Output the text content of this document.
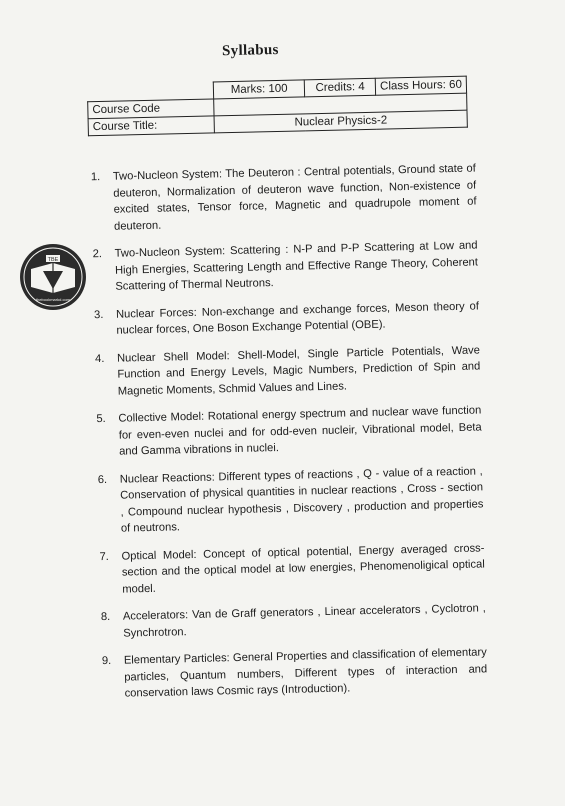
Syllabus
	Marks: 100	Credits: 4	Class Hours: 60
Course Code			
Course Title:	Nuclear Physics-2		
1. Two-Nucleon System: The Deuteron : Central potentials, Ground state of deuteron, Normalization of deuteron wave function, Non-existence of excited states, Tensor force, Magnetic and quadrupole moment of deuteron.
2. Two-Nucleon System: Scattering : N-P and P-P Scattering at Low and High Energies, Scattering Length and Effective Range Theory, Coherent Scattering of Thermal Neutrons.
3. Nuclear Forces: Non-exchange and exchange forces, Meson theory of nuclear forces, One Boson Exchange Potential (OBE).
4. Nuclear Shell Model: Shell-Model, Single Particle Potentials, Wave Function and Energy Levels, Magic Numbers, Prediction of Spin and Magnetic Moments, Schmid Values and Lines.
5. Collective Model: Rotational energy spectrum and nuclear wave function for even-even nuclei and for odd-even nucleir, Vibrational model, Beta and Gamma vibrations in nuclei.
6. Nuclear Reactions: Different types of reactions , Q - value of a reaction , Conservation of physical quantities in nuclear reactions , Cross - section , Compound nuclear hypothesis , Discovery , production and properties of neutrons.
7. Optical Model: Concept of optical potential, Energy averaged cross-section and the optical model at low energies, Phenomenoligical optical model.
8. Accelerators: Van de Graff generators , Linear accelerators , Cyclotron , Synchrotron.
9. Elementary Particles: General Properties and classification of elementary particles, Quantum numbers, Different types of interaction and conservation laws Cosmic rays (Introduction).
TBE
thebookmarkd.com
